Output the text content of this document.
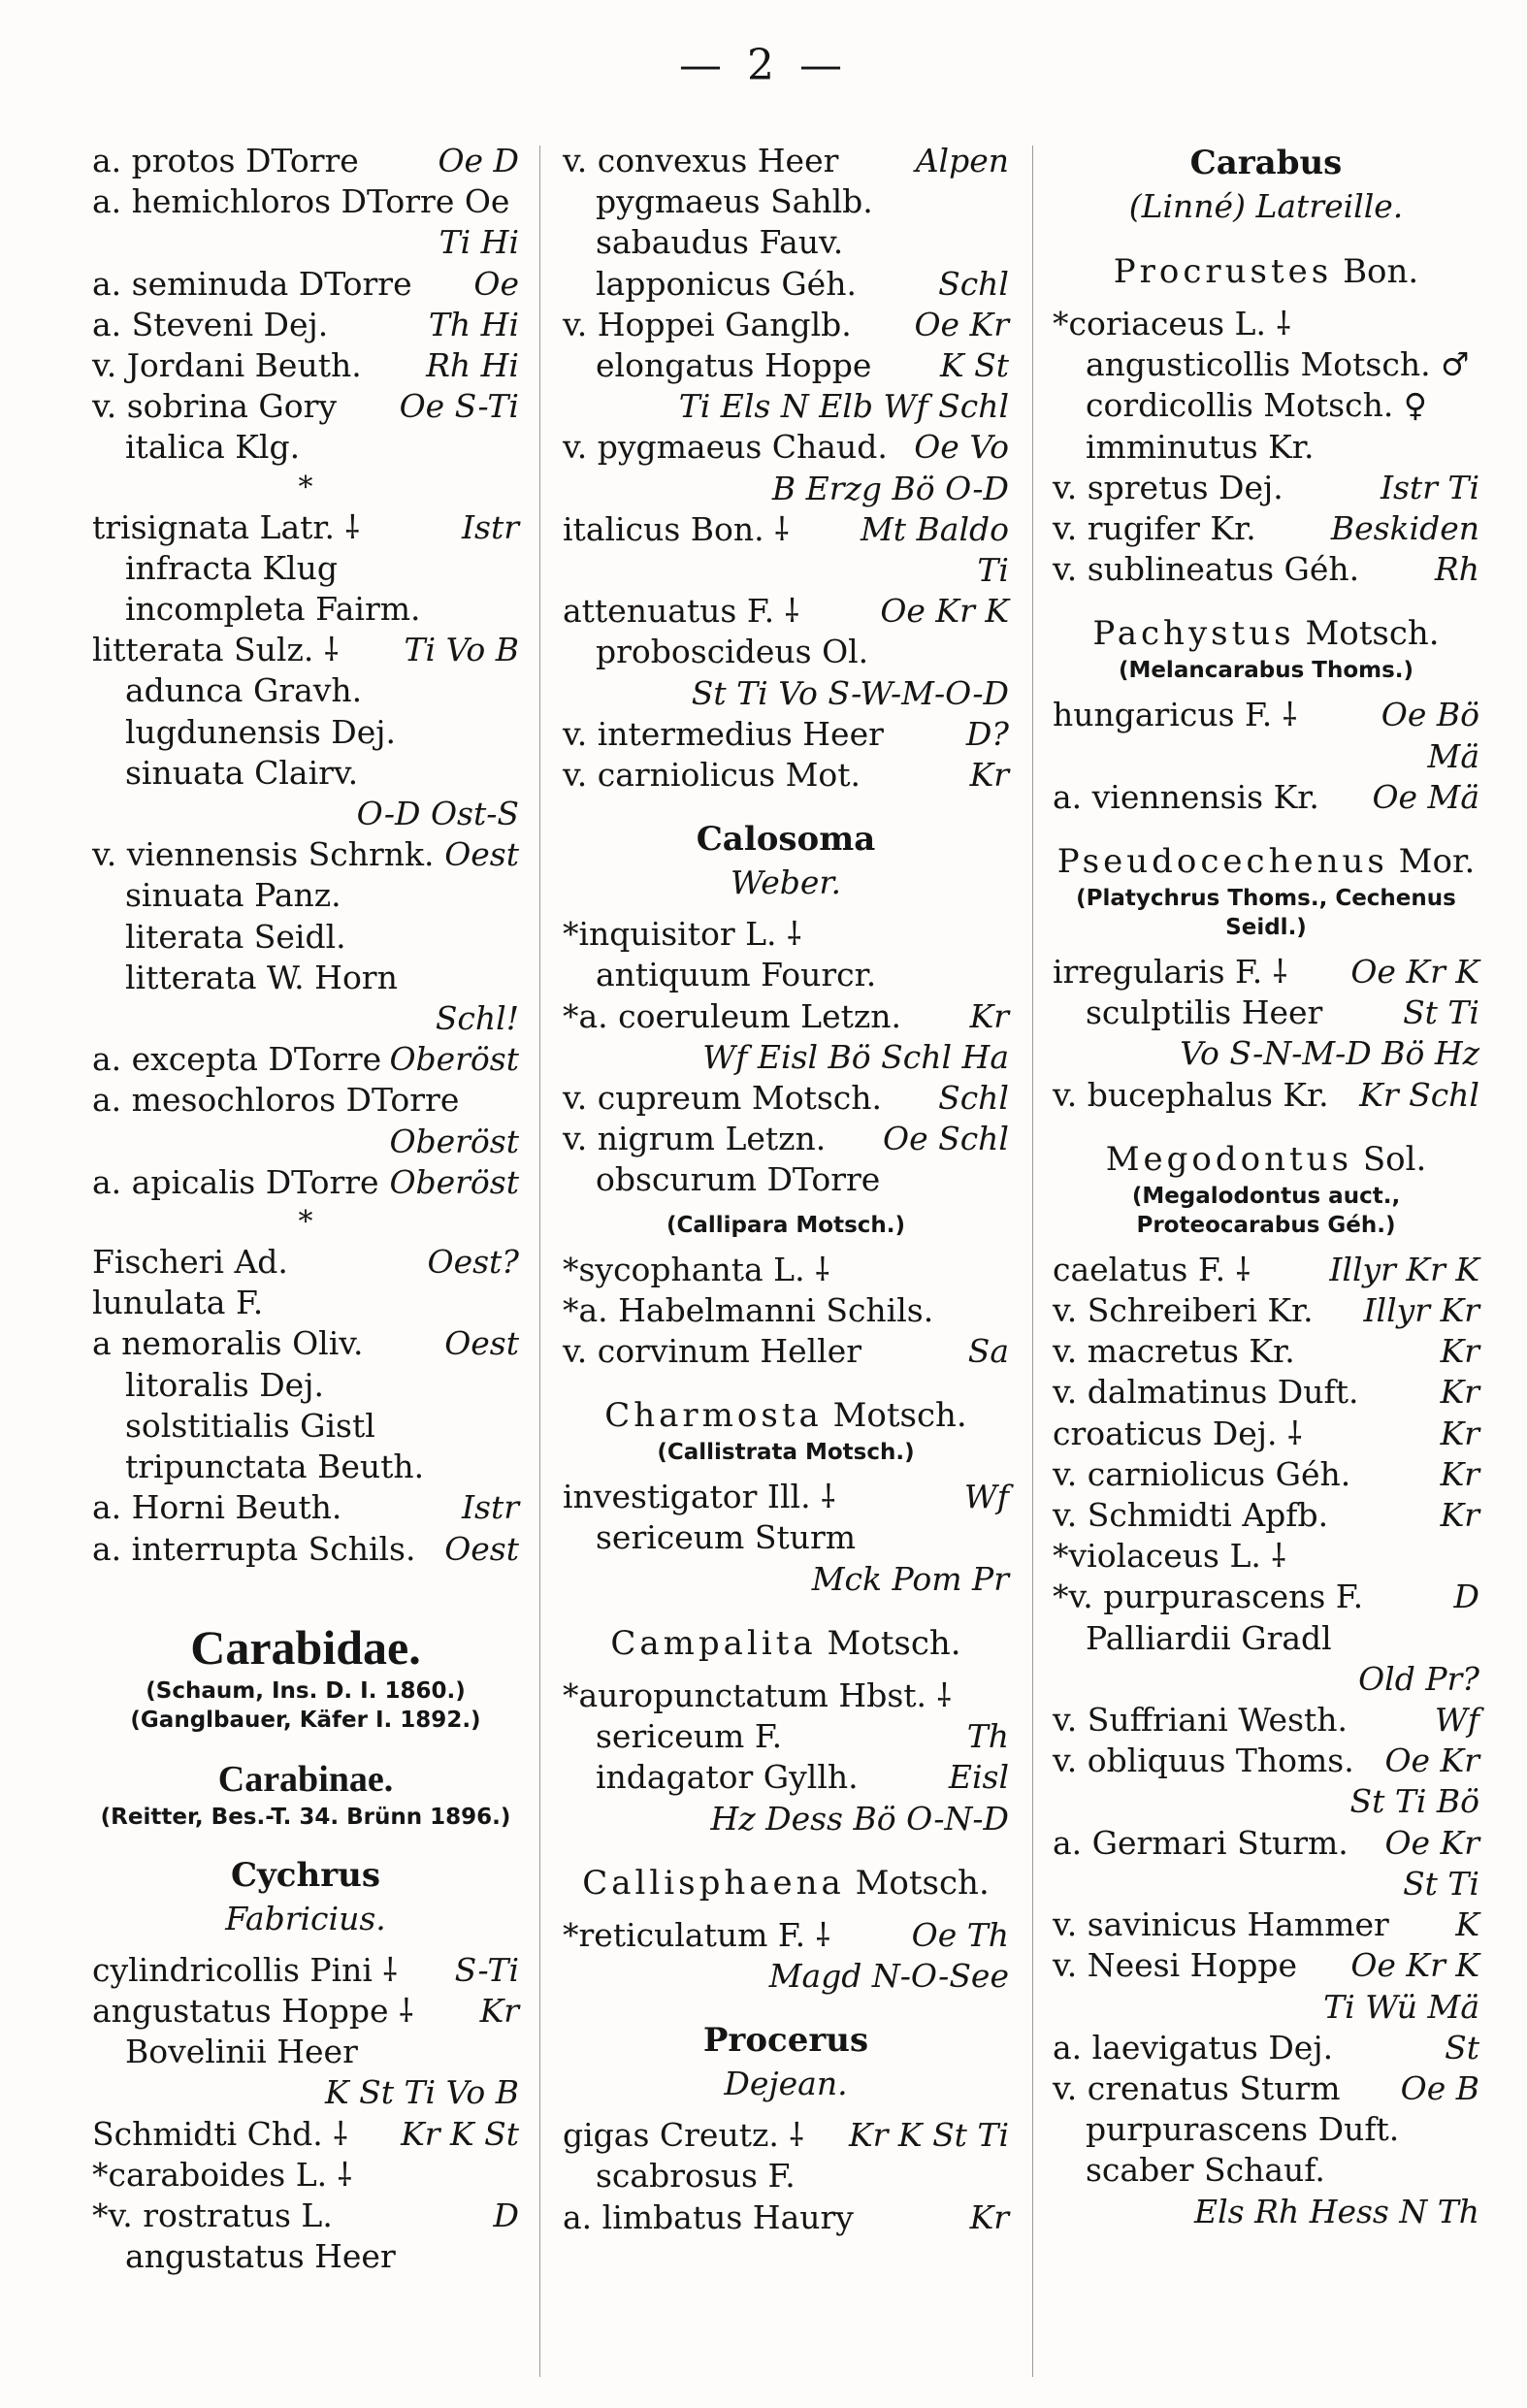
— 2 —
a. protos DTorre Oe D
a. hemichloros DTorre Oe
Ti Hi
a. seminuda DTorre Oe
a. Steveni Dej.	Th Hi
v. Jordani Beuth. Rh Hi
v. sobrina Gory Oe S-Ti
italica Klg.
*
trisignata Latr. ⸸	Istr
infracta Klug
incompleta Fairm.
litterata Sulz. ⸸ Ti Vo B
adunca Gravh.
lugdunensis Dej.
sinuata Clairv.
O-D Ost-S
v. viennensis Schrnk. Oest
sinuata Panz.
literata Seidl.
litterata W. Horn
Schl!
a. excepta DTorre Oberöst
a. mesochloros DTorre
Oberöst
a. apicalis DTorre Oberöst
*
Fischeri Ad.	Oest?
lunulata F.
a nemoralis Oliv.	Oest
litoralis Dej.
solstitialis Gistl
tripunctata Beuth.
a. Horni Beuth.	Istr
a. interrupta Schils. Oest
Carabidae.
(Schaum, Ins. D. I. 1860.)
(Ganglbauer, Käfer I. 1892.)
Carabinae.
(Reitter, Bes.-T. 34. Brünn 1896.)
Cychrus
Fabricius.
cylindricollis Pini ⸸ S-Ti
angustatus Hoppe ⸸ Kr
Bovelinii Heer
K St Ti Vo B
Schmidti Chd. ⸸ Kr K St
*caraboides L. ⸸
*v. rostratus L.	D
angustatus Heer
v. convexus Heer Alpen
pygmaeus Sahlb.
sabaudus Fauv.
lapponicus Géh.	Schl
v. Hoppei Ganglb. Oe Kr
elongatus Hoppe K St
Ti Els N Elb Wf Schl
v. pygmaeus Chaud. Oe Vo
B Erzg Bö O-D
italicus Bon. ⸸ Mt Baldo
Ti
attenuatus F. ⸸	Oe Kr K
proboscideus Ol.
St Ti Vo S-W-M-O-D
v. intermedius Heer	D?
v. carniolicus Mot.	Kr
Calosoma
Weber.
*inquisitor L. ⸸
antiquum Fourcr.
*a. coeruleum Letzn. Kr
Wf Eisl Bö Schl Ha
v. cupreum Motsch. Schl
v. nigrum Letzn. Oe Schl
obscurum DTorre
(Callipara Motsch.)
*sycophanta L. ⸸
*a. Habelmanni Schils.
v. corvinum Heller	Sa
Charmosta Motsch.
(Callistrata Motsch.)
investigator Ill. ⸸	Wf
sericeum Sturm
Mck Pom Pr
Campalita Motsch.
*auropunctatum Hbst. ⸸
sericeum F.	Th
indagator Gyllh.	Eisl
Hz Dess Bö O-N-D
Callisphaena Motsch.
*reticulatum F. ⸸	Oe Th
Magd N-O-See
Procerus
Dejean.
gigas Creutz. ⸸ Kr K St Ti
scabrosus F.
a. limbatus Haury	Kr
Carabus
(Linné) Latreille.
Procrustes Bon.
*coriaceus L. ⸸
angusticollis Motsch. ♂
cordicollis Motsch. ♀
imminutus Kr.
v. spretus Dej.	Istr Ti
v. rugifer Kr. Beskiden
v. sublineatus Géh. Rh
Pachystus Motsch.
(Melancarabus Thoms.)
hungaricus F. ⸸	Oe Bö
Mä
a. viennensis Kr. Oe Mä
Pseudocechenus Mor.
(Platychrus Thoms., Cechenus Seidl.)
irregularis F. ⸸ Oe Kr K
sculptilis Heer	St Ti
Vo S-N-M-D Bö Hz
v. bucephalus Kr. Kr Schl
Megodontus Sol.
(Megalodontus auct., Proteocarabus Géh.)
caelatus F. ⸸ Illyr Kr K
v. Schreiberi Kr. Illyr Kr
v. macretus Kr.	Kr
v. dalmatinus Duft.	Kr
croaticus Dej. ⸸	Kr
v. carniolicus Géh.	Kr
v. Schmidti Apfb.	Kr
*violaceus L. ⸸
*v. purpurascens F.	D
Palliardii Gradl
Old Pr?
v. Suffriani Westh.	Wf
v. obliquus Thoms. Oe Kr
St Ti Bö
a. Germari Sturm. Oe Kr
St Ti
v. savinicus Hammer K
v. Neesi Hoppe Oe Kr K
Ti Wü Mä
a. laevigatus Dej.	St
v. crenatus Sturm Oe B
purpurascens Duft.
scaber Schauf.
Els Rh Hess N Th
